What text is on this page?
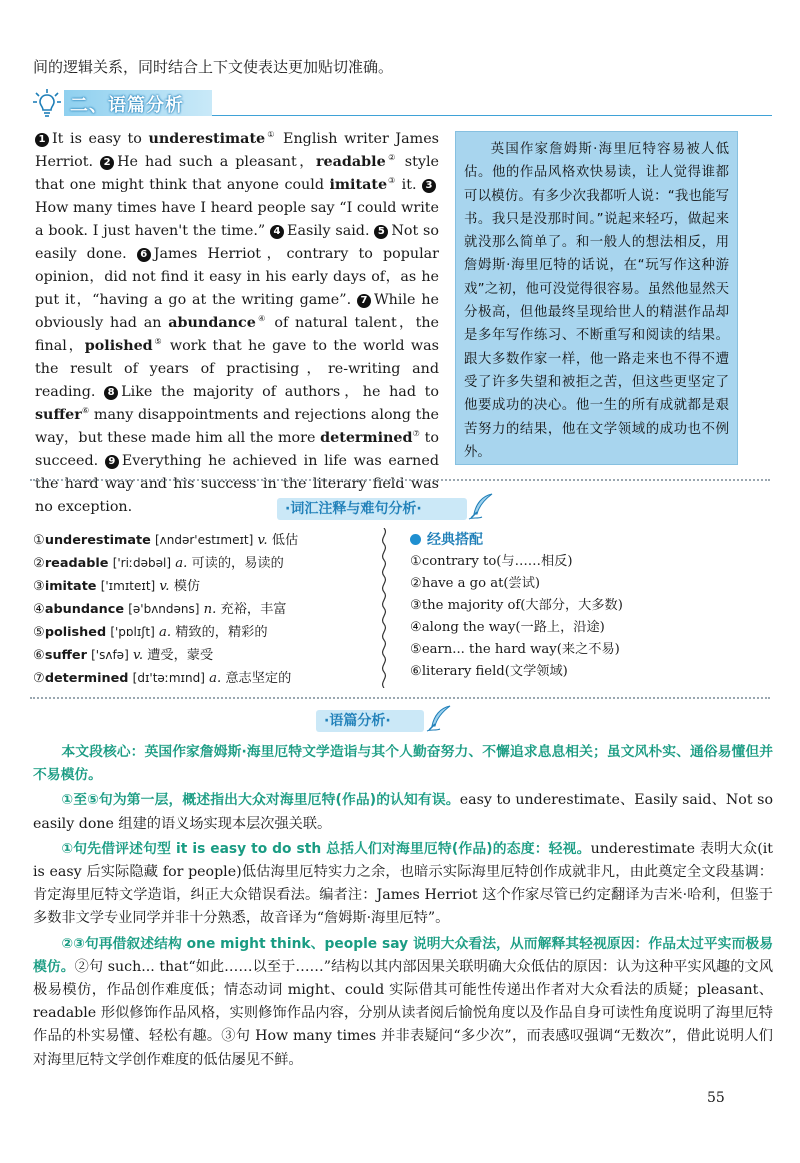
间的逻辑关系，同时结合上下文使表达更加贴切准确。
二、语篇分析
1 It is easy to underestimate① English writer James Herriot. 2 He had such a pleasant，readable② style that one might think that anyone could imitate③ it. 3How many times have I heard people say “I could write a book. I just haven't the time.” 4 Easily said. 5 Not so easily done. 6 James Herriot，contrary to popular opinion，did not find it easy in his early days of，as he put it，“having a go at the writing game”. 7 While he obviously had an abundance④ of natural talent，the final，polished⑤ work that he gave to the world was the result of years of practising，re-writing and reading. 8 Like the majority of authors，he had to suffer⑥ many disappointments and rejections along the way，but these made him all the more determined⑦ to succeed. 9 Everything he achieved in life was earned the hard way and his success in the literary field was no exception.
英国作家詹姆斯·海里厄特容易被人低估。他的作品风格欢快易读，让人觉得谁都可以模仿。有多少次我都听人说：“我也能写书。我只是没那时间。”说起来轻巧，做起来就没那么简单了。和一般人的想法相反，用詹姆斯·海里厄特的话说，在“玩写作这种游戏”之初，他可没觉得很容易。虽然他显然天分极高，但他最终呈现给世人的精湛作品却是多年写作练习、不断重写和阅读的结果。跟大多数作家一样，他一路走来也不得不遭受了许多失望和被拒之苦，但这些更坚定了他要成功的决心。他一生的所有成就都是艰苦努力的结果，他在文学领域的成功也不例外。
·词汇注释与难句分析·
①underestimate [ʌndər'estɪmeɪt] v. 低估
②readable ['riːdəbəl] a. 可读的，易读的
③imitate ['ɪmɪteɪt] v. 模仿
④abundance [ə'bʌndəns] n. 充裕，丰富
⑤polished ['pɒlɪʃt] a. 精致的，精彩的
⑥suffer ['sʌfə] v. 遭受，蒙受
⑦determined [dɪ'təːmɪnd] a. 意志坚定的
经典搭配
①contrary to(与……相反)
②have a go at(尝试)
③the majority of(大部分，大多数)
④along the way(一路上，沿途)
⑤earn... the hard way(来之不易)
⑥literary field(文学领域)
·语篇分析·

本文段核心：英国作家詹姆斯·海里厄特文学造诣与其个人勤奋努力、不懈追求息息相关；虽文风朴实、通俗易懂但并不易模仿。

①至⑤句为第一层，概述指出大众对海里厄特(作品)的认知有误。easy to underestimate、Easily said、Not so easily done 组建的语义场实现本层次强关联。

①句先借评述句型 it is easy to do sth 总括人们对海里厄特(作品)的态度：轻视。underestimate 表明大众(it is easy 后实际隐藏 for people)低估海里厄特实力之余，也暗示实际海里厄特创作成就非凡，由此奠定全文段基调：肯定海里厄特文学造诣，纠正大众错误看法。编者注：James Herriot 这个作家尽管已约定翻译为吉米·哈利，但鉴于多数非文学专业同学并非十分熟悉，故音译为“詹姆斯·海里厄特”。

②③句再借叙述结构 one might think、people say 说明大众看法，从而解释其轻视原因：作品太过平实而极易模仿。②句 such... that“如此……以至于……”结构以其内部因果关联明确大众低估的原因：认为这种平实风趣的文风极易模仿，作品创作难度低；情态动词 might、could 实际借其可能性传递出作者对大众看法的质疑；pleasant、readable 形似修饰作品风格，实则修饰作品内容，分别从读者阅后愉悦角度以及作品自身可读性角度说明了海里厄特作品的朴实易懂、轻松有趣。③句 How many times 并非表疑问“多少次”，而表感叹强调“无数次”，借此说明人们对海里厄特文学创作难度的低估屡见不鲜。

55
